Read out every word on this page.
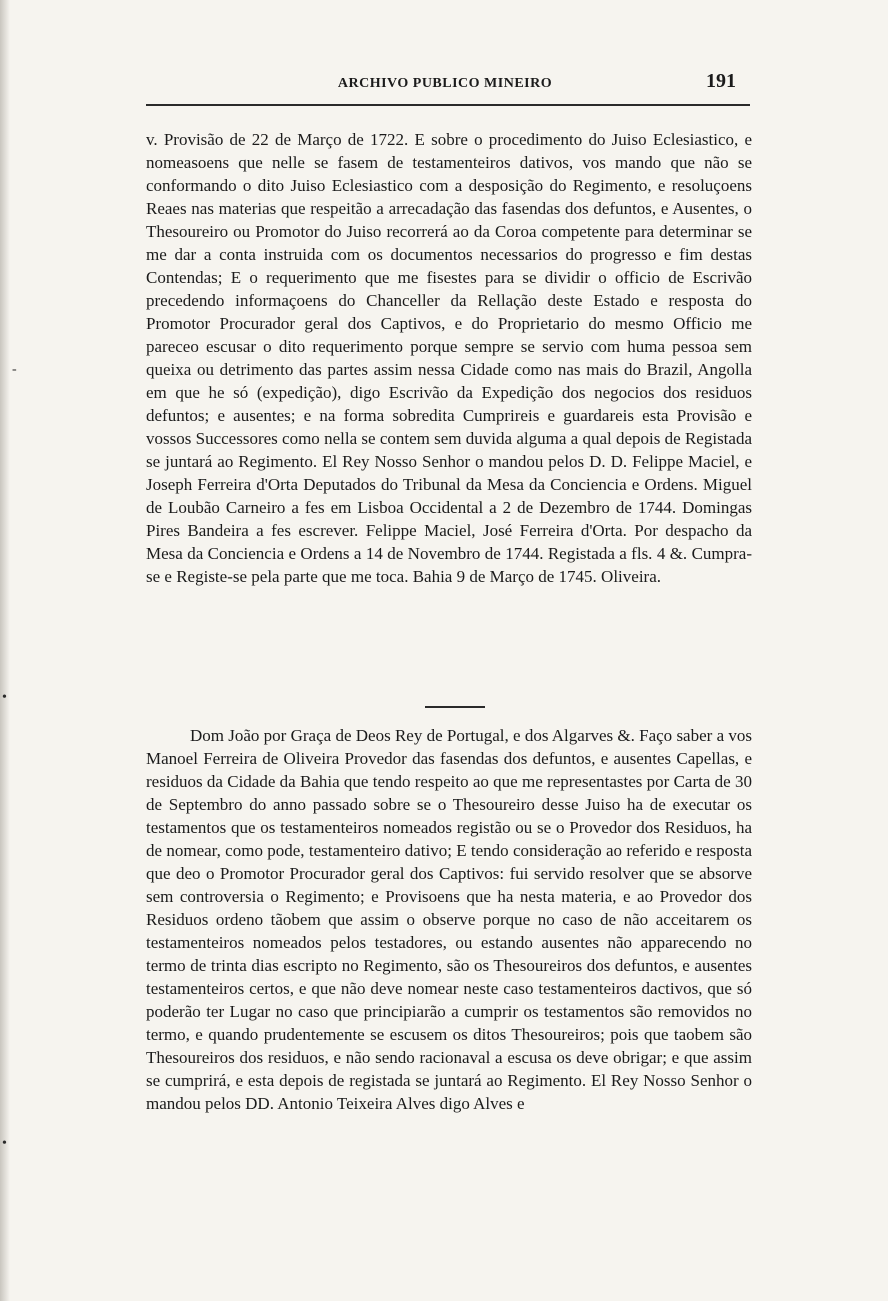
-
•
•
ARCHIVO PUBLICO MINEIRO	191

v. Provisão de 22 de Março de 1722. E sobre o procedimento do Juiso Eclesiastico, e nomeasoens que nelle se fasem de testamenteiros dativos, vos mando que não se conformando o dito Juiso Eclesiastico com a desposição do Regimento, e resoluçoens Reaes nas materias que respeitão a arrecadação das fasendas dos defuntos, e Ausentes, o Thesoureiro ou Promotor do Juiso recorrerá ao da Coroa competente para determinar se me dar a conta instruida com os documentos necessarios do progresso e fim destas Contendas; E o requerimento que me fisestes para se dividir o officio de Escrivão precedendo informaçoens do Chanceller da Rellação deste Estado e resposta do Promotor Procurador geral dos Captivos, e do Proprietario do mesmo Officio me pareceo escusar o dito requerimento porque sempre se servio com huma pessoa sem queixa ou detrimento das partes assim nessa Cidade como nas mais do Brazil, Angolla em que he só (expedição), digo Escrivão da Expedição dos negocios dos residuos defuntos; e ausentes; e na forma sobredita Cumprireis e guardareis esta Provisão e vossos Successores como nella se contem sem duvida alguma a qual depois de Registada se juntará ao Regimento. El Rey Nosso Senhor o mandou pelos D. D. Felippe Maciel, e Joseph Ferreira d'Orta Deputados do Tribunal da Mesa da Conciencia e Ordens. Miguel de Loubão Carneiro a fes em Lisboa Occidental a 2 de Dezembro de 1744. Domingas Pires Bandeira a fes escrever. Felippe Maciel, José Ferreira d'Orta. Por despacho da Mesa da Conciencia e Ordens a 14 de Novembro de 1744. Registada a fls. 4 &. Cumpra-se e Registe-se pela parte que me toca. Bahia 9 de Março de 1745. Oliveira.

Dom João por Graça de Deos Rey de Portugal, e dos Algarves &. Faço saber a vos Manoel Ferreira de Oliveira Provedor das fasendas dos defuntos, e ausentes Capellas, e residuos da Cidade da Bahia que tendo respeito ao que me representastes por Carta de 30 de Septembro do anno passado sobre se o Thesoureiro desse Juiso ha de executar os testamentos que os testamenteiros nomeados registão ou se o Provedor dos Residuos, ha de nomear, como pode, testamenteiro dativo; E tendo consideração ao referido e resposta que deo o Promotor Procurador geral dos Captivos: fui servido resolver que se absorve sem controversia o Regimento; e Provisoens que ha nesta materia, e ao Provedor dos Residuos ordeno tãobem que assim o observe porque no caso de não acceitarem os testamenteiros nomeados pelos testadores, ou estando ausentes não apparecendo no termo de trinta dias escripto no Regimento, são os Thesoureiros dos defuntos, e ausentes testamenteiros certos, e que não deve nomear neste caso testamenteiros dactivos, que só poderão ter Lugar no caso que principiarão a cumprir os testamentos são removidos no termo, e quando prudentemente se escusem os ditos Thesoureiros; pois que taobem são Thesoureiros dos residuos, e não sendo racionaval a escusa os deve obrigar; e que assim se cumprirá, e esta depois de registada se juntará ao Regimento. El Rey Nosso Senhor o mandou pelos DD. Antonio Teixeira Alves digo Alves e
